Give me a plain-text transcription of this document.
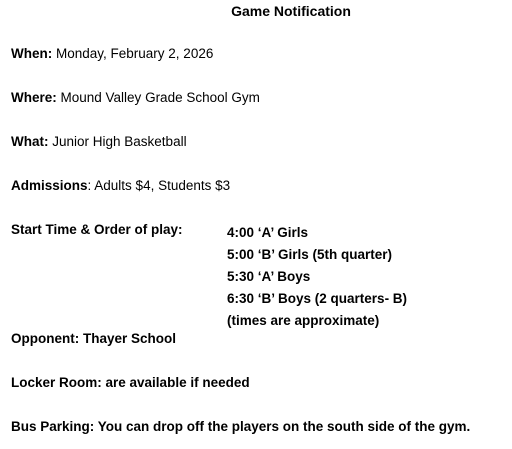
Game Notification
When: Monday, February 2, 2026
Where: Mound Valley Grade School Gym
What: Junior High Basketball
Admissions: Adults $4, Students $3
Start Time & Order of play:	4:00 ‘A’ Girls
5:00 ‘B’ Girls (5th quarter)
5:30 ‘A’ Boys
6:30 ‘B’ Boys (2 quarters- B)
(times are approximate)
Opponent: Thayer School
Locker Room: are available if needed
Bus Parking: You can drop off the players on the south side of the gym.
